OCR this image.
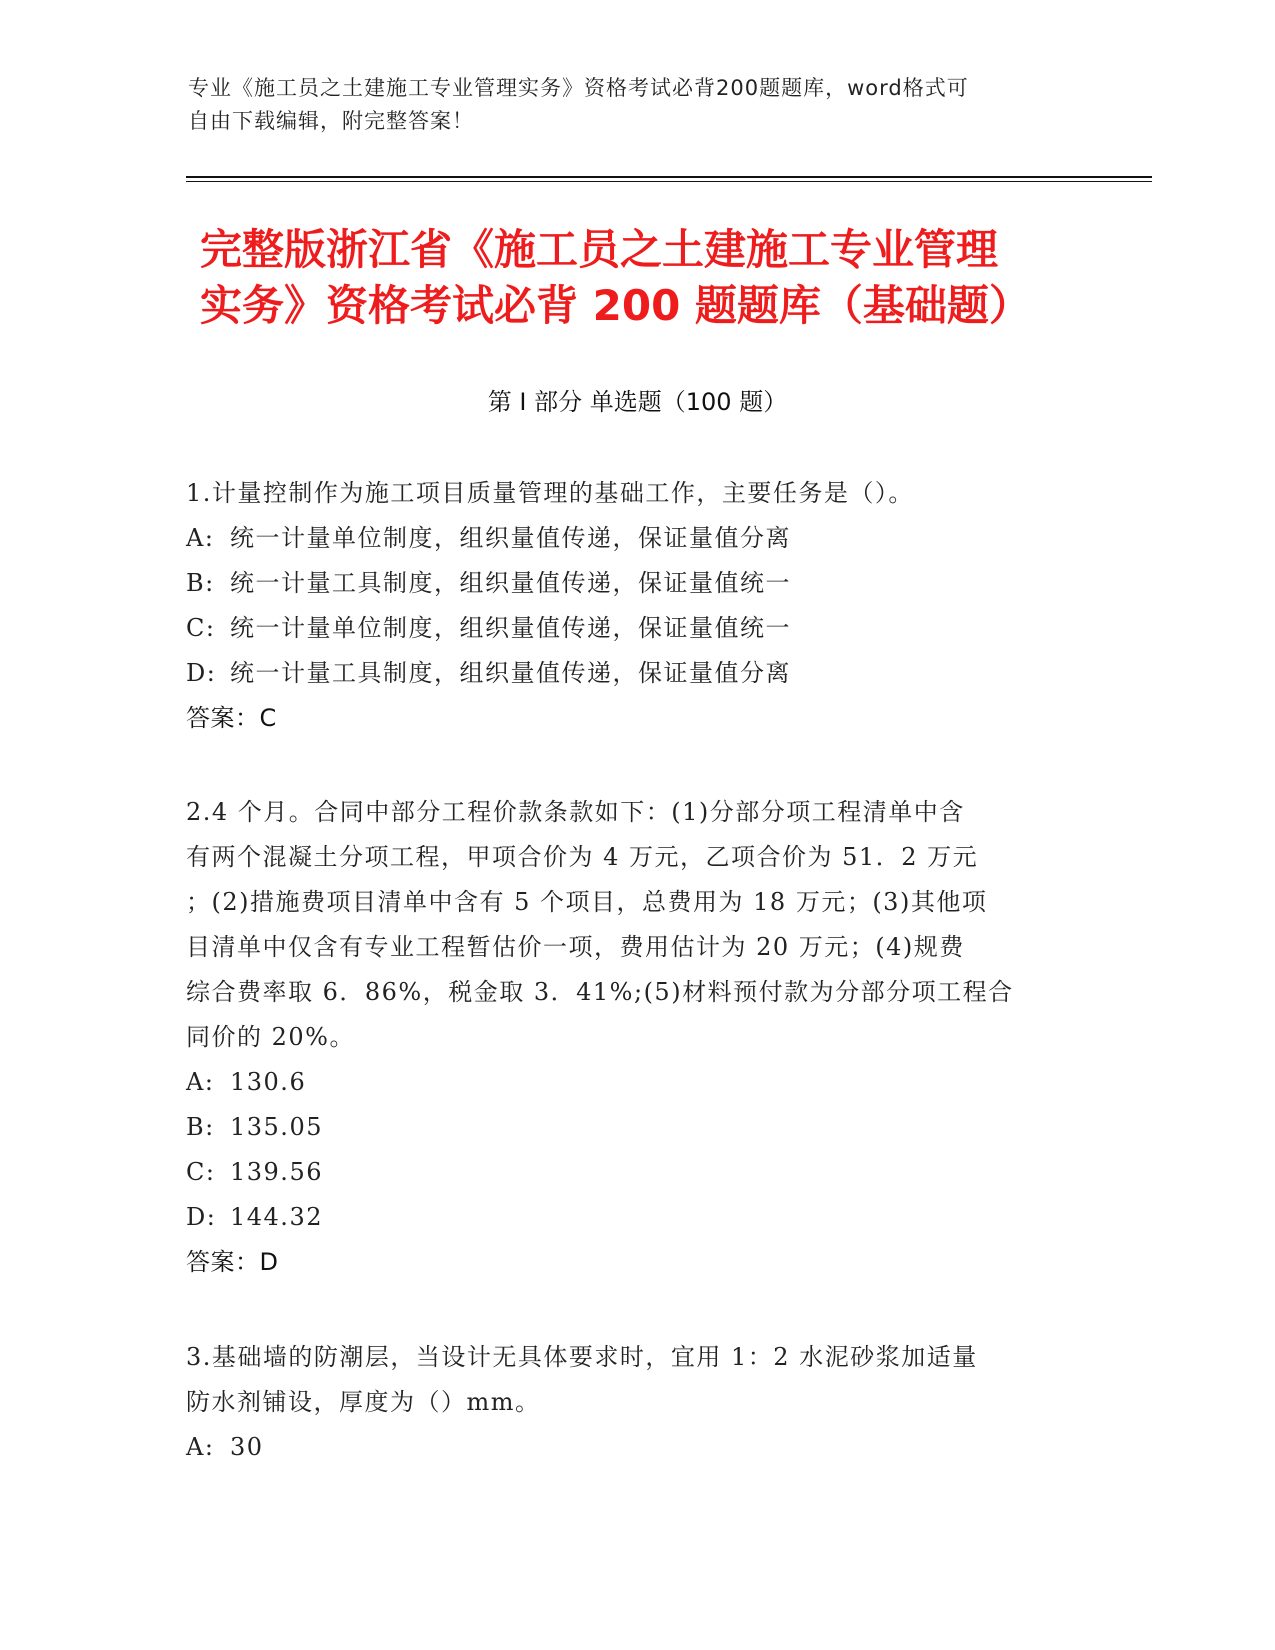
专业《施工员之土建施工专业管理实务》资格考试必背200题题库，word格式可
自由下载编辑，附完整答案！
完整版浙江省《施工员之土建施工专业管理
实务》资格考试必背 200 题题库（基础题）
第 I 部分 单选题（100 题）
1.计量控制作为施工项目质量管理的基础工作，主要任务是（）。
A: 统一计量单位制度，组织量值传递，保证量值分离
B: 统一计量工具制度，组织量值传递，保证量值统一
C: 统一计量单位制度，组织量值传递，保证量值统一
D: 统一计量工具制度，组织量值传递，保证量值分离
答案：C
2.4 个月。合同中部分工程价款条款如下：(1)分部分项工程清单中含
有两个混凝土分项工程，甲项合价为 4 万元，乙项合价为 51．2 万元
；(2)措施费项目清单中含有 5 个项目，总费用为 18 万元；(3)其他项
目清单中仅含有专业工程暂估价一项，费用估计为 20 万元；(4)规费
综合费率取 6．86%，税金取 3．41%;(5)材料预付款为分部分项工程合
同价的 20%。
A: 130.6
B: 135.05
C: 139.56
D: 144.32
答案：D
3.基础墙的防潮层，当设计无具体要求时，宜用 1：2 水泥砂浆加适量
防水剂铺设，厚度为（）mm。
A: 30
